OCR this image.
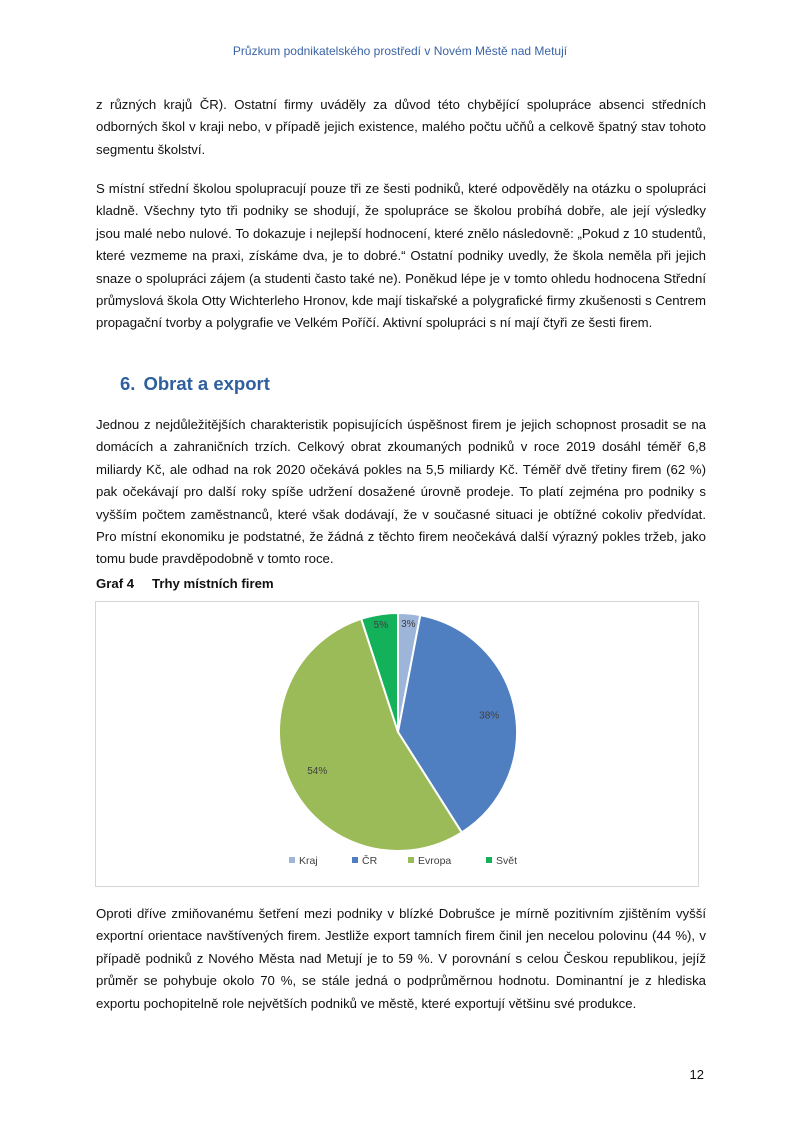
Průzkum podnikatelského prostředí v Novém Městě nad Metují

z různých krajů ČR). Ostatní firmy uváděly za důvod této chybějící spolupráce absenci středních odborných škol v kraji nebo, v případě jejich existence, malého počtu učňů a celkově špatný stav tohoto segmentu školství.

S místní střední školou spolupracují pouze tři ze šesti podniků, které odpověděly na otázku o spolupráci kladně. Všechny tyto tři podniky se shodují, že spolupráce se školou probíhá dobře, ale její výsledky jsou malé nebo nulové. To dokazuje i nejlepší hodnocení, které znělo následovně: „Pokud z 10 studentů, které vezmeme na praxi, získáme dva, je to dobré.“ Ostatní podniky uvedly, že škola neměla při jejich snaze o spolupráci zájem (a studenti často také ne). Poněkud lépe je v tomto ohledu hodnocena Střední průmyslová škola Otty Wichterleho Hronov, kde mají tiskařské a polygrafické firmy zkušenosti s Centrem propagační tvorby a polygrafie ve Velkém Poříčí. Aktivní spolupráci s ní mají čtyři ze šesti firem.

6. Obrat a export

Jednou z nejdůležitějších charakteristik popisujících úspěšnost firem je jejich schopnost prosadit se na domácích a zahraničních trzích. Celkový obrat zkoumaných podniků v roce 2019 dosáhl téměř 6,8 miliardy Kč, ale odhad na rok 2020 očekává pokles na 5,5 miliardy Kč. Téměř dvě třetiny firem (62 %) pak očekávají pro další roky spíše udržení dosažené úrovně prodeje. To platí zejména pro podniky s vyšším počtem zaměstnanců, které však dodávají, že v současné situaci je obtížné cokoliv předvídat. Pro místní ekonomiku je podstatné, že žádná z těchto firem neočekává další výrazný pokles tržeb, jako tomu bude pravděpodobně v tomto roce.

Graf 4 Trhy místních firem

3%
38%
54%
5%
Kraj	ČR	Evropa	Svět

Oproti dříve zmiňovanému šetření mezi podniky v blízké Dobrušce je mírně pozitivním zjištěním vyšší exportní orientace navštívených firem. Jestliže export tamních firem činil jen necelou polovinu (44 %), v případě podniků z Nového Města nad Metují je to 59 %. V porovnání s celou Českou republikou, jejíž průměr se pohybuje okolo 70 %, se stále jedná o podprůměrnou hodnotu. Dominantní je z hlediska exportu pochopitelně role největších podniků ve městě, které exportují většinu své produkce.

12
